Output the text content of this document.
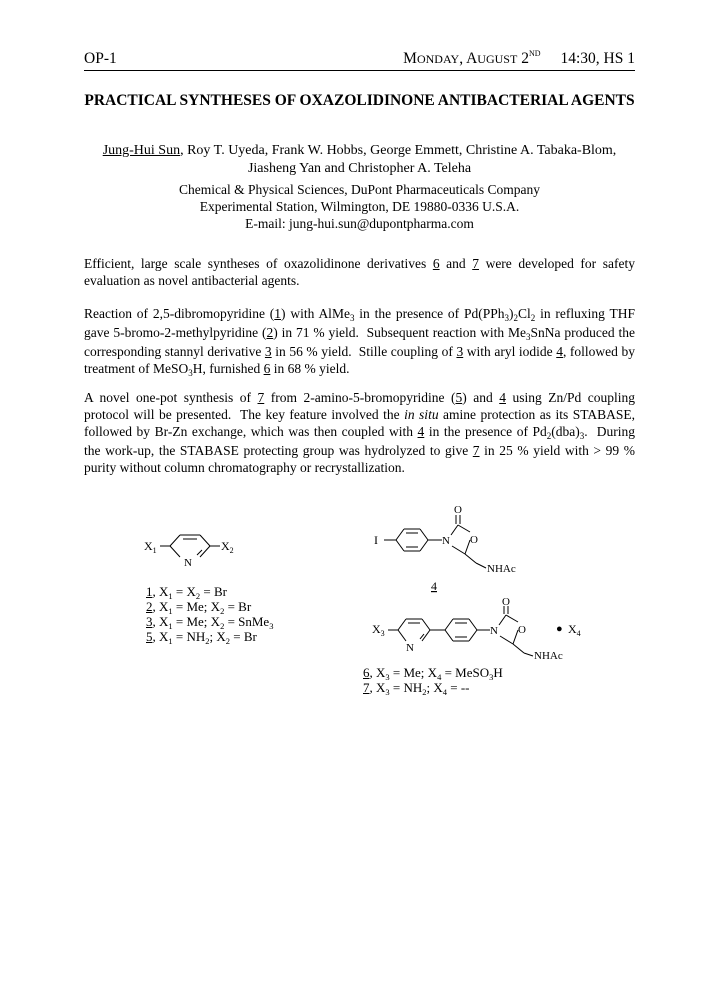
OP-1	MONDAY, AUGUST 2ND 14:30, HS 1
PRACTICAL SYNTHESES OF OXAZOLIDINONE ANTIBACTERIAL AGENTS
Jung-Hui Sun, Roy T. Uyeda, Frank W. Hobbs, George Emmett, Christine A. Tabaka-Blom, Jiasheng Yan and Christopher A. Teleha
Chemical & Physical Sciences, DuPont Pharmaceuticals Company
Experimental Station, Wilmington, DE 19880-0336 U.S.A.
E-mail: jung-hui.sun@dupontpharma.com
Efficient, large scale syntheses of oxazolidinone derivatives 6 and 7 were developed for safety evaluation as novel antibacterial agents.
Reaction of 2,5-dibromopyridine (1) with AlMe$_3$ in the presence of $Pd(PPh_3)_2Cl_2$ in refluxing THF gave 5-bromo-2-methylpyridine (2) in 71 % yield.  Subsequent reaction with $Me_3SnNa$ produced the corresponding stannyl derivative 3 in 56 % yield.  Stille coupling of 3 with aryl iodide 4, followed by treatment of MeSO$_3$H, furnished 6 in 68 % yield.
A novel one-pot synthesis of 7 from 2-amino-5-bromopyridine (5) and 4 using Zn/Pd coupling protocol will be presented.  The key feature involved the in situ amine protection as its STABASE, followed by Br-Zn exchange, which was then coupled with 4 in the presence of $Pd_2(dba)_3$.  During the work-up, the STABASE protecting group was hydrolyzed to give 7 in 25 % yield with > 99 % purity without column chromatography or recrystallization.
$X_1$	$X_2$
N
1, $X_1 = X_2 = Br$
2, $X_1 = Me$; $X_2 = Br$
3, $X_1 = Me$; $X_2$ = SnMe$_3$
5, $X_1 = NH_2$; $X_2 = Br$
I	N O
O
NHAc
4
$X_3$
N
N O
O
NHAc
● $X_4$
6, $X_3 = Me$; $X_4$ = MeSO$_3$H
7, $X_3 = NH_2$; $X_4$ = --
